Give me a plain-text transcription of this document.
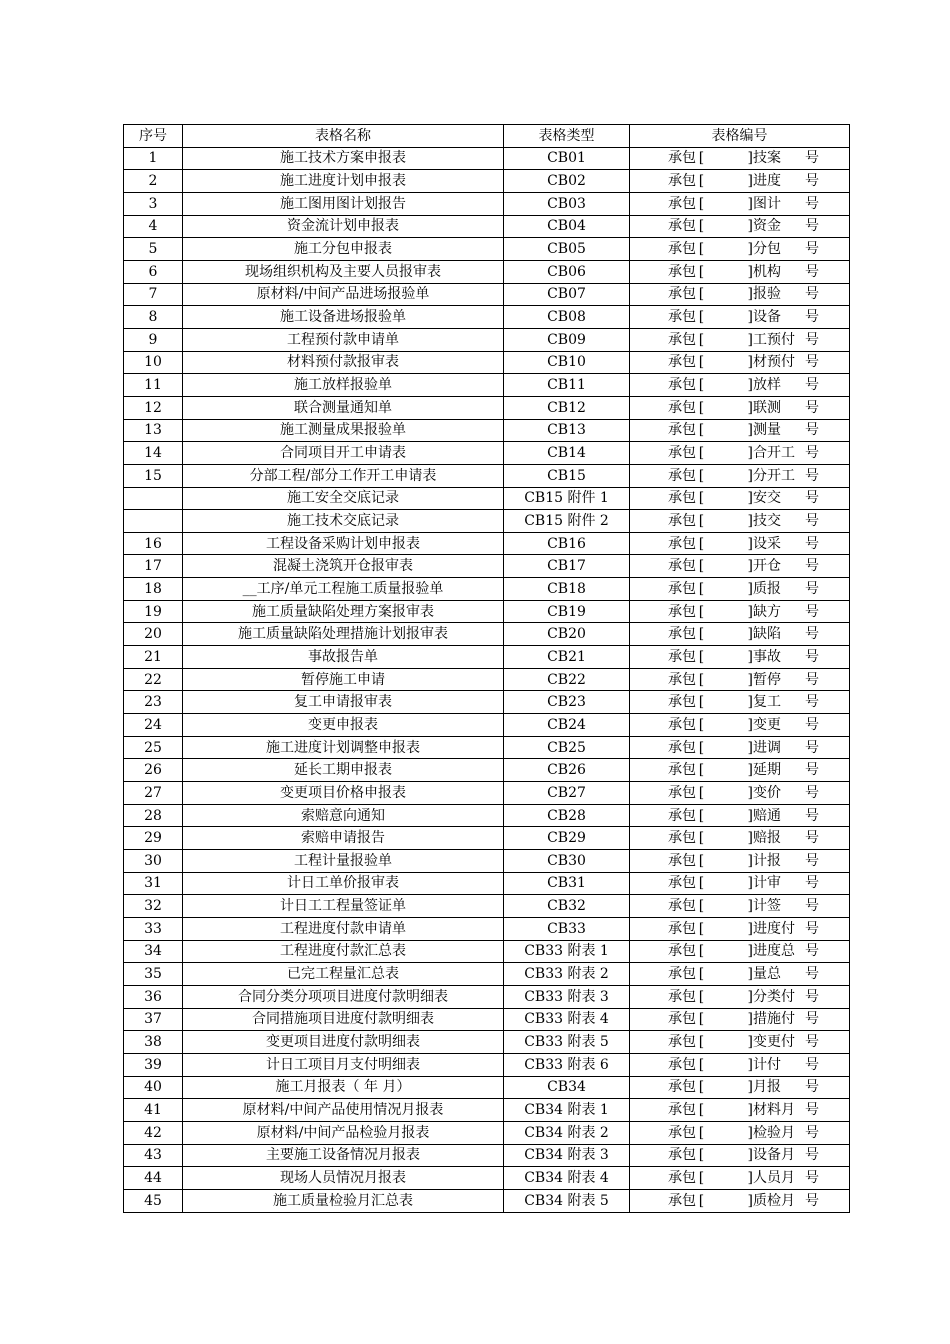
序号	表格名称	表格类型	表格编号
1	施工技术方案申报表	CB01	承包 [ ] 技案 号

2	施工进度计划申报表	CB02	承包 [ ] 进度 号

3	施工图用图计划报告	CB03	承包 [ ] 图计 号

4	资金流计划申报表	CB04	承包 [ ] 资金 号

5	施工分包申报表	CB05	承包 [ ] 分包 号

6	现场组织机构及主要人员报审表	CB06	承包 [ ] 机构 号

7	原材料/中间产品进场报验单	CB07	承包 [ ] 报验 号

8	施工设备进场报验单	CB08	承包 [ ] 设备 号

9	工程预付款申请单	CB09	承包 [ ] 工预付 号

10	材料预付款报审表	CB10	承包 [ ] 材预付 号

11	施工放样报验单	CB11	承包 [ ] 放样 号

12	联合测量通知单	CB12	承包 [ ] 联测 号

13	施工测量成果报验单	CB13	承包 [ ] 测量 号

14	合同项目开工申请表	CB14	承包 [ ] 合开工 号

15	分部工程/部分工作开工申请表	CB15	承包 [ ] 分开工 号

	施工安全交底记录	CB15 附件 1	承包 [ ] 安交 号

	施工技术交底记录	CB15 附件 2	承包 [ ] 技交 号

16	工程设备采购计划申报表	CB16	承包 [ ] 设采 号

17	混凝土浇筑开仓报审表	CB17	承包 [ ] 开仓 号

18	__工序/单元工程施工质量报验单	CB18	承包 [ ] 质报 号

19	施工质量缺陷处理方案报审表	CB19	承包 [ ] 缺方 号

20	施工质量缺陷处理措施计划报审表	CB20	承包 [ ] 缺陷 号

21	事故报告单	CB21	承包 [ ] 事故 号

22	暂停施工申请	CB22	承包 [ ] 暂停 号

23	复工申请报审表	CB23	承包 [ ] 复工 号

24	变更申报表	CB24	承包 [ ] 变更 号

25	施工进度计划调整申报表	CB25	承包 [ ] 进调 号

26	延长工期申报表	CB26	承包 [ ] 延期 号

27	变更项目价格申报表	CB27	承包 [ ] 变价 号

28	索赔意向通知	CB28	承包 [ ] 赔通 号

29	索赔申请报告	CB29	承包 [ ] 赔报 号

30	工程计量报验单	CB30	承包 [ ] 计报 号

31	计日工单价报审表	CB31	承包 [ ] 计审 号

32	计日工工程量签证单	CB32	承包 [ ] 计签 号

33	工程进度付款申请单	CB33	承包 [ ] 进度付 号

34	工程进度付款汇总表	CB33 附表 1	承包 [ ] 进度总 号

35	已完工程量汇总表	CB33 附表 2	承包 [ ] 量总 号

36	合同分类分项项目进度付款明细表	CB33 附表 3	承包 [ ] 分类付 号

37	合同措施项目进度付款明细表	CB33 附表 4	承包 [ ] 措施付 号

38	变更项目进度付款明细表	CB33 附表 5	承包 [ ] 变更付 号

39	计日工项目月支付明细表	CB33 附表 6	承包 [ ] 计付 号

40	施工月报表（ 年 月）	CB34	承包 [ ] 月报 号

41	原材料/中间产品使用情况月报表	CB34 附表 1	承包 [ ] 材料月 号

42	原材料/中间产品检验月报表	CB34 附表 2	承包 [ ] 检验月 号

43	主要施工设备情况月报表	CB34 附表 3	承包 [ ] 设备月 号

44	现场人员情况月报表	CB34 附表 4	承包 [ ] 人员月 号

45	施工质量检验月汇总表	CB34 附表 5	承包 [ ] 质检月 号
